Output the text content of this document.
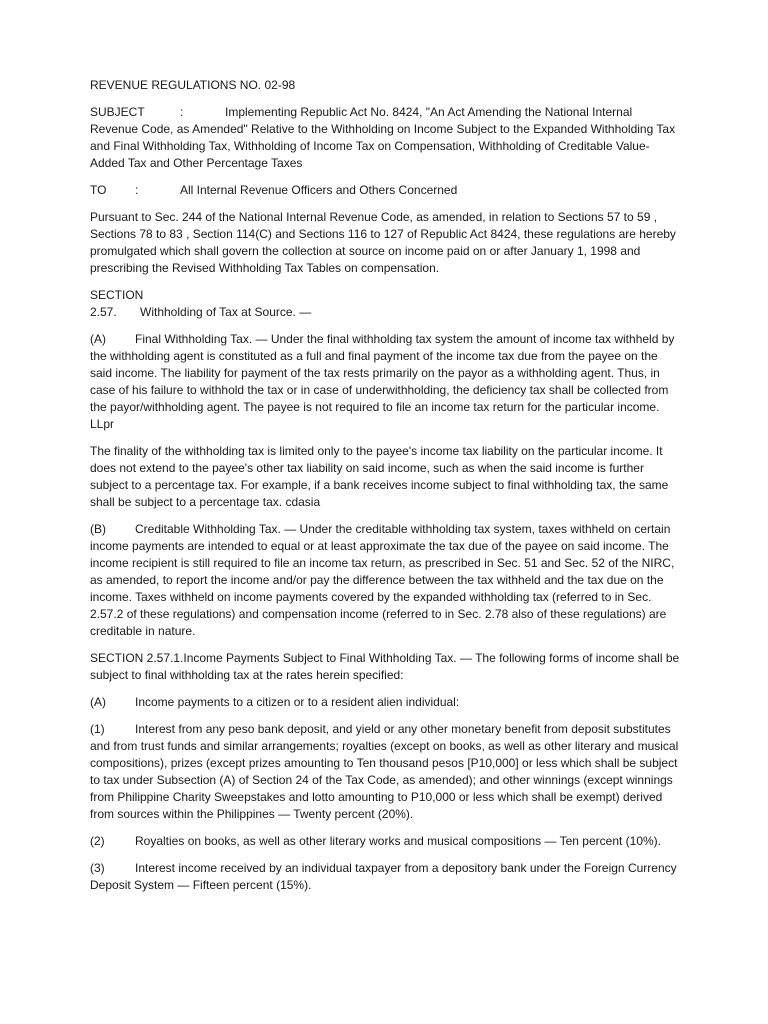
REVENUE REGULATIONS NO. 02-98

SUBJECT	:	Implementing Republic Act No. 8424, "An Act Amending the National Internal Revenue Code, as Amended" Relative to the Withholding on Income Subject to the Expanded Withholding Tax and Final Withholding Tax, Withholding of Income Tax on Compensation, Withholding of Creditable Value-Added Tax and Other Percentage Taxes

TO :	All Internal Revenue Officers and Others Concerned

Pursuant to Sec. 244 of the National Internal Revenue Code, as amended, in relation to Sections 57 to 59 , Sections 78 to 83 , Section 114(C) and Sections 116 to 127 of Republic Act 8424, these regulations are hereby promulgated which shall govern the collection at source on income paid on or after January 1, 1998 and prescribing the Revised Withholding Tax Tables on compensation.

SECTION 2.57. Withholding of Tax at Source. —

(A) Final Withholding Tax. — Under the final withholding tax system the amount of income tax withheld by the withholding agent is constituted as a full and final payment of the income tax due from the payee on the said income. The liability for payment of the tax rests primarily on the payor as a withholding agent. Thus, in case of his failure to withhold the tax or in case of underwithholding, the deficiency tax shall be collected from the payor/withholding agent. The payee is not required to file an income tax return for the particular income. LLpr

The finality of the withholding tax is limited only to the payee's income tax liability on the particular income. It does not extend to the payee's other tax liability on said income, such as when the said income is further subject to a percentage tax. For example, if a bank receives income subject to final withholding tax, the same shall be subject to a percentage tax. cdasia

(B) Creditable Withholding Tax. — Under the creditable withholding tax system, taxes withheld on certain income payments are intended to equal or at least approximate the tax due of the payee on said income. The income recipient is still required to file an income tax return, as prescribed in Sec. 51 and Sec. 52 of the NIRC, as amended, to report the income and/or pay the difference between the tax withheld and the tax due on the income. Taxes withheld on income payments covered by the expanded withholding tax (referred to in Sec. 2.57.2 of these regulations) and compensation income (referred to in Sec. 2.78 also of these regulations) are creditable in nature.

SECTION 2.57.1.Income Payments Subject to Final Withholding Tax. — The following forms of income shall be subject to final withholding tax at the rates herein specified:

(A) Income payments to a citizen or to a resident alien individual:

(1)	Interest from any peso bank deposit, and yield or any other monetary benefit from deposit substitutes and from trust funds and similar arrangements; royalties (except on books, as well as other literary and musical compositions), prizes (except prizes amounting to Ten thousand pesos [P10,000] or less which shall be subject to tax under Subsection (A) of Section 24 of the Tax Code, as amended); and other winnings (except winnings from Philippine Charity Sweepstakes and lotto amounting to P10,000 or less which shall be exempt) derived from sources within the Philippines — Twenty percent (20%).

(2)	Royalties on books, as well as other literary works and musical compositions — Ten percent (10%).

(3)	Interest income received by an individual taxpayer from a depository bank under the Foreign Currency Deposit System — Fifteen percent (15%).
